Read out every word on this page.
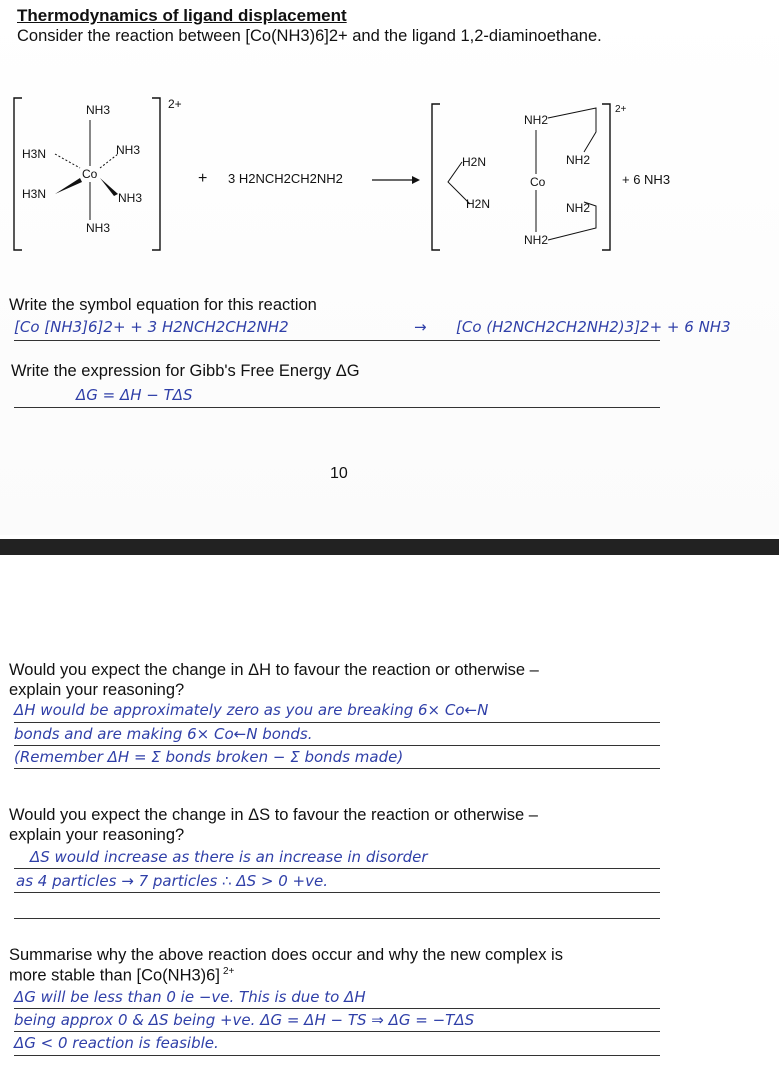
Thermodynamics of ligand displacement
Consider the reaction between [Co(NH3)6]2+ and the ligand 1,2-diaminoethane.
2+
NH3
H3N	NH3
H3N	NH3
NH3
Co	+ 3 H2NCH2CH2NH2
2+
NH2
H2N	NH2
H2N	NH2
NH2
Co	+ 6 NH3
Write the symbol equation for this reaction
[Co [NH3]6]2+ + 3 H2NCH2CH2NH2	→ [Co (H2NCH2CH2NH2)3]2+ + 6 NH3
Write the expression for Gibb's Free Energy ΔG
ΔG = ΔH − TΔS
10
Would you expect the change in ΔH to favour the reaction or otherwise –
explain your reasoning?
ΔH would be approximately zero as you are breaking 6× Co←N
bonds and are making 6× Co←N bonds.
(Remember ΔH = Σ bonds broken − Σ bonds made)
Would you expect the change in ΔS to favour the reaction or otherwise –
explain your reasoning?
ΔS would increase as there is an increase in disorder
as 4 particles → 7 particles ∴ ΔS > 0 +ve.
Summarise why the above reaction does occur and why the new complex is
more stable than [Co(NH3)6] $^{2+}$
ΔG will be less than 0 ie −ve. This is due to ΔH
being approx 0 & ΔS being +ve. ΔG = ΔH − TS ⇒ ΔG = −TΔS
ΔG < 0 reaction is feasible.
